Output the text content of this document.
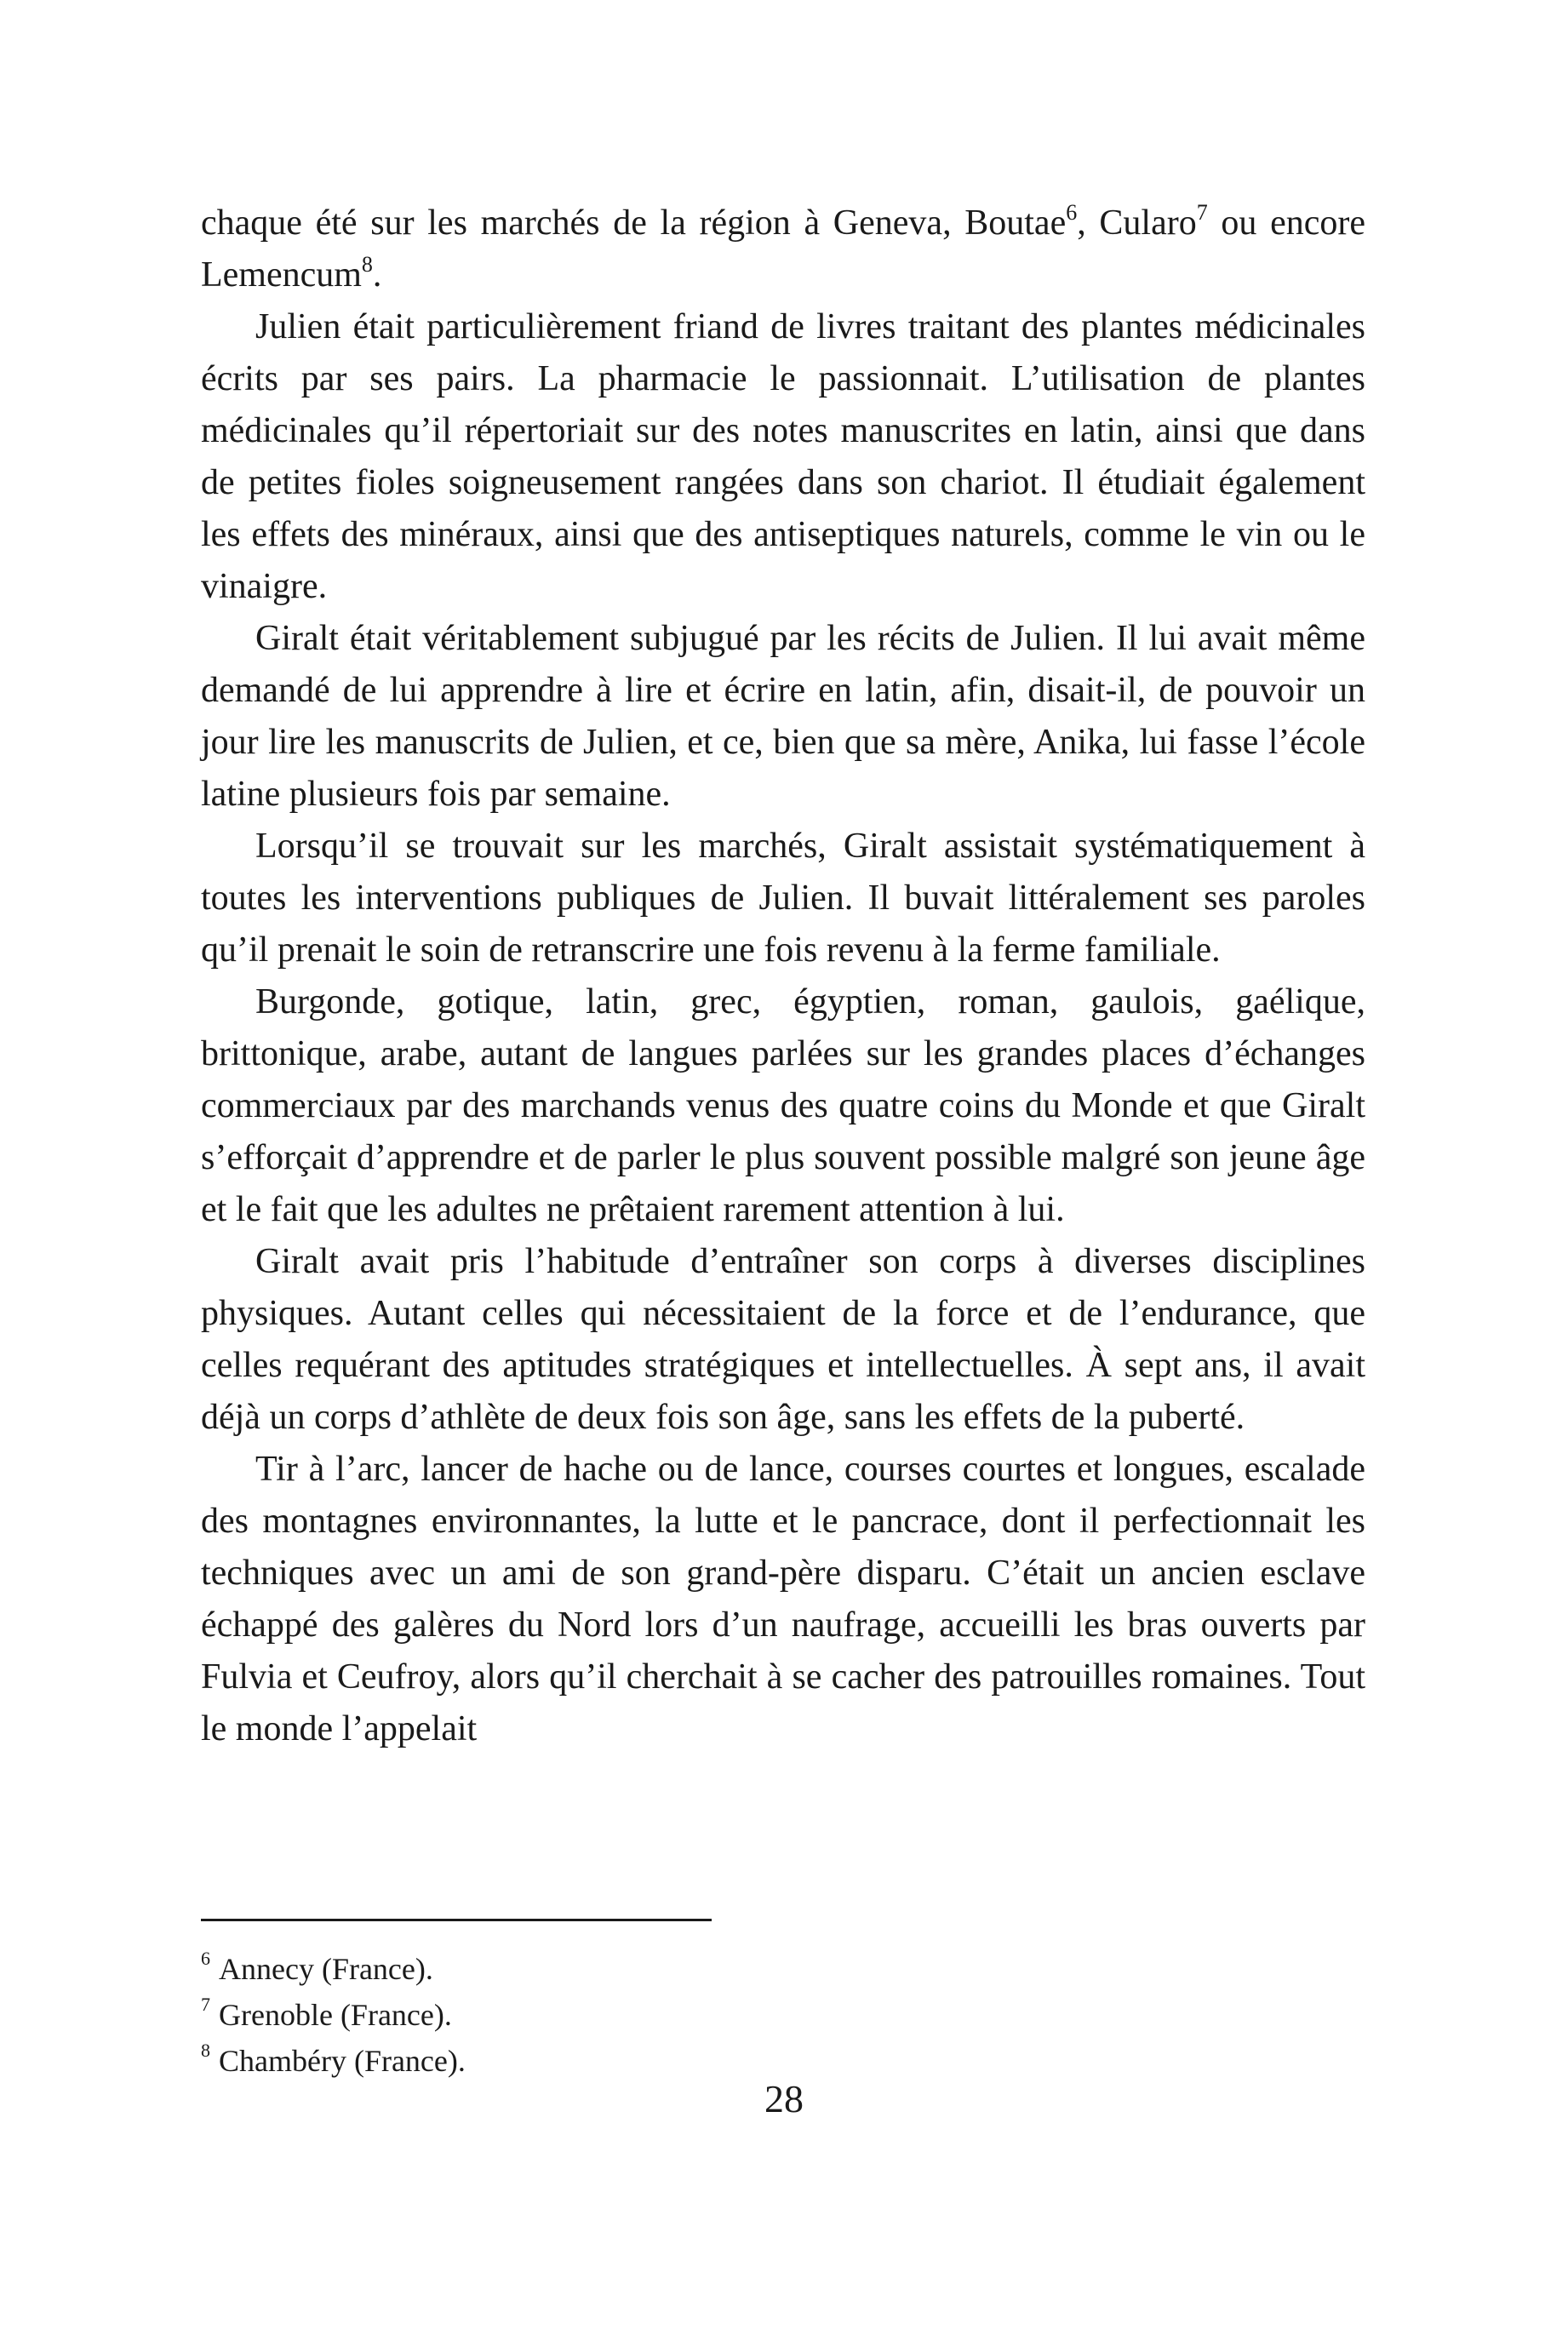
chaque été sur les marchés de la région à Geneva, Boutae$^6$, Cularo$^7$ ou encore Lemencum$^8$.

Julien était particulièrement friand de livres traitant des plantes médicinales écrits par ses pairs. La pharmacie le passionnait. L’utilisation de plantes médicinales qu’il répertoriait sur des notes manuscrites en latin, ainsi que dans de petites fioles soigneusement rangées dans son chariot. Il étudiait également les effets des minéraux, ainsi que des antiseptiques naturels, comme le vin ou le vinaigre.

Giralt était véritablement subjugué par les récits de Julien. Il lui avait même demandé de lui apprendre à lire et écrire en latin, afin, disait-il, de pouvoir un jour lire les manuscrits de Julien, et ce, bien que sa mère, Anika, lui fasse l’école latine plusieurs fois par semaine.

Lorsqu’il se trouvait sur les marchés, Giralt assistait systématiquement à toutes les interventions publiques de Julien. Il buvait littéralement ses paroles qu’il prenait le soin de retranscrire une fois revenu à la ferme familiale.

Burgonde, gotique, latin, grec, égyptien, roman, gaulois, gaélique, brittonique, arabe, autant de langues parlées sur les grandes places d’échanges commerciaux par des marchands venus des quatre coins du Monde et que Giralt s’efforçait d’apprendre et de parler le plus souvent possible malgré son jeune âge et le fait que les adultes ne prêtaient rarement attention à lui.

Giralt avait pris l’habitude d’entraîner son corps à diverses disciplines physiques. Autant celles qui nécessitaient de la force et de l’endurance, que celles requérant des aptitudes stratégiques et intellectuelles. À sept ans, il avait déjà un corps d’athlète de deux fois son âge, sans les effets de la puberté.

Tir à l’arc, lancer de hache ou de lance, courses courtes et longues, escalade des montagnes environnantes, la lutte et le pancrace, dont il perfectionnait les techniques avec un ami de son grand-père disparu. C’était un ancien esclave échappé des galères du Nord lors d’un naufrage, accueilli les bras ouverts par Fulvia et Ceufroy, alors qu’il cherchait à se cacher des patrouilles romaines. Tout le monde l’appelait

$^6$ Annecy (France).
$^7$ Grenoble (France).
$^8$ Chambéry (France).
28
